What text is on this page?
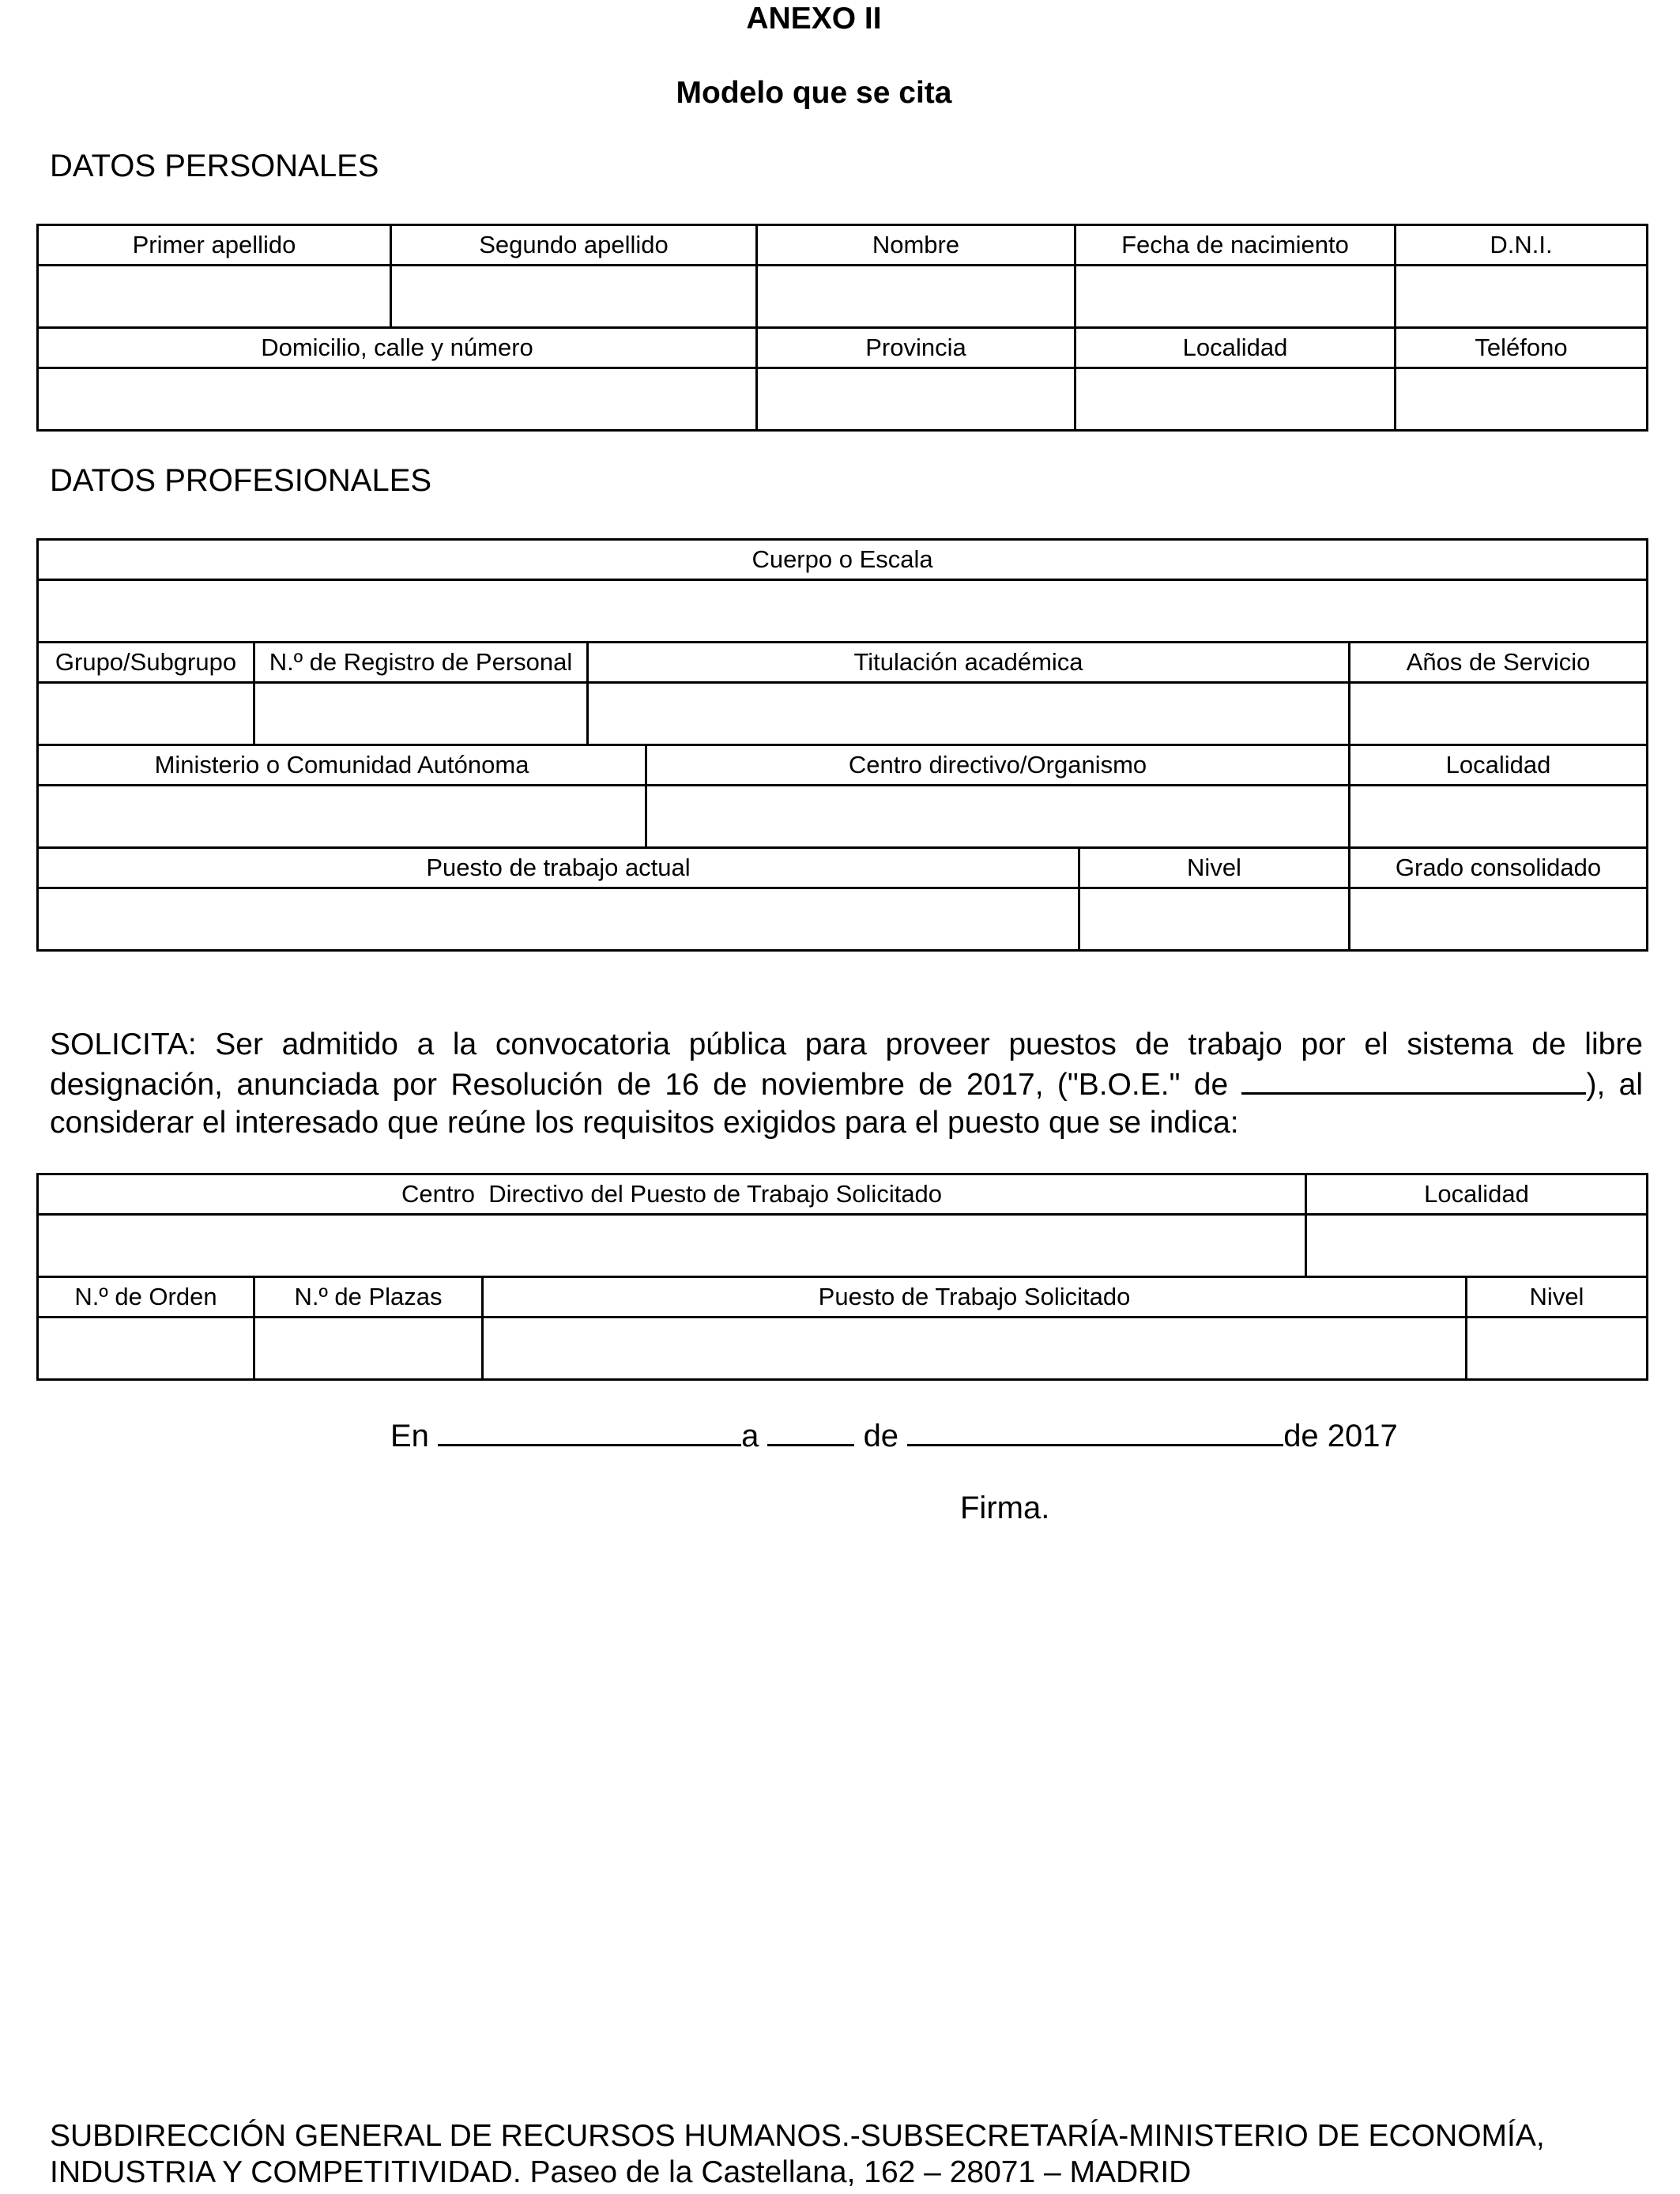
ANEXO II
Modelo que se cita
DATOS PERSONALES
Primer apellido	Segundo apellido	Nombre	Fecha de nacimiento	D.N.I.

Domicilio, calle y número		Provincia	Localidad	Teléfono

DATOS PROFESIONALES
Cuerpo o Escala					

Grupo/Subgrupo	N.º de Registro de Personal	Titulación académica			Años de Servicio

Ministerio o Comunidad Autónoma			Centro directivo/Organismo		Localidad

Puesto de trabajo actual				Nivel	Grado consolidado

SOLICITA: Ser admitido a la convocatoria pública para proveer puestos de trabajo por el sistema de libre designación, anunciada por Resolución de 16 de noviembre de 2017, ("B.O.E." de	), al considerar el interesado que reúne los requisitos exigidos para el puesto que se indica:
Centro  Directivo del Puesto de Trabajo Solicitado			Localidad	

N.º de Orden	N.º de Plazas	Puesto de Trabajo Solicitado		Nivel

En	a	de	de 2017
Firma.
SUBDIRECCIÓN GENERAL DE RECURSOS HUMANOS.-SUBSECRETARÍA-MINISTERIO DE ECONOMÍA,
INDUSTRIA Y COMPETITIVIDAD. Paseo de la Castellana, 162 – 28071 – MADRID
